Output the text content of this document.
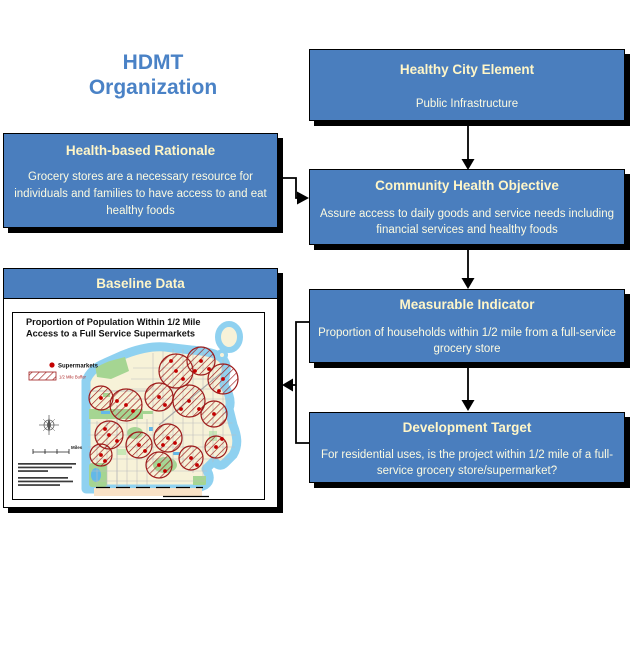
HDMT
Organization
Healthy City Element
Public Infrastructure
Community Health Objective
Assure access to daily goods and service needs including financial services and healthy foods
Measurable Indicator
Proportion of households within 1/2 mile from a full-service grocery store
Development Target
For residential uses, is the project within 1/2 mile of a full-service grocery store/supermarket?
Health-based Rationale
Grocery stores are a necessary resource for individuals and families to have access to and eat healthy foods
Baseline Data
Miles
Proportion of Population Within 1/2 Mile
Access to a Full Service Supermarkets
Supermarkets
1/2 Mile Buffer
